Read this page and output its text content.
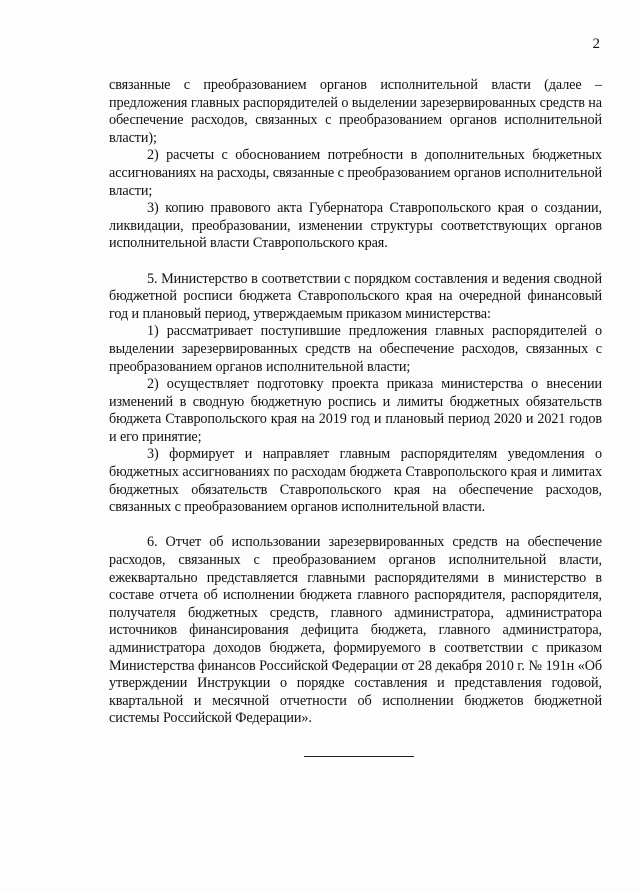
2

связанные с преобразованием органов исполнительной власти (далее – предложения главных распорядителей о выделении зарезервированных средств на обеспечение расходов, связанных с преобразованием органов исполнительной власти);

2) расчеты с обоснованием потребности в дополнительных бюджетных ассигнованиях на расходы, связанные с преобразованием органов исполнительной власти;

3) копию правового акта Губернатора Ставропольского края о создании, ликвидации, преобразовании, изменении структуры соответствующих органов исполнительной власти Ставропольского края.

5. Министерство в соответствии с порядком составления и ведения сводной бюджетной росписи бюджета Ставропольского края на очередной финансовый год и плановый период, утверждаемым приказом министерства:

1) рассматривает поступившие предложения главных распорядителей о выделении зарезервированных средств на обеспечение расходов, связанных с преобразованием органов исполнительной власти;

2) осуществляет подготовку проекта приказа министерства о внесении изменений в сводную бюджетную роспись и лимиты бюджетных обязательств бюджета Ставропольского края на 2019 год и плановый период 2020 и 2021 годов и его принятие;

3) формирует и направляет главным распорядителям уведомления о бюджетных ассигнованиях по расходам бюджета Ставропольского края и лимитах бюджетных обязательств Ставропольского края на обеспечение расходов, связанных с преобразованием органов исполнительной власти.

6. Отчет об использовании зарезервированных средств на обеспечение расходов, связанных с преобразованием органов исполнительной власти, ежеквартально представляется главными распорядителями в министерство в составе отчета об исполнении бюджета главного распорядителя, распорядителя, получателя бюджетных средств, главного администратора, администратора источников финансирования дефицита бюджета, главного администратора, администратора доходов бюджета, формируемого в соответствии с приказом Министерства финансов Российской Федерации от 28 декабря 2010 г. № 191н «Об утверждении Инструкции о порядке составления и представления годовой, квартальной и месячной отчетности об исполнении бюджетов бюджетной системы Российской Федерации».
